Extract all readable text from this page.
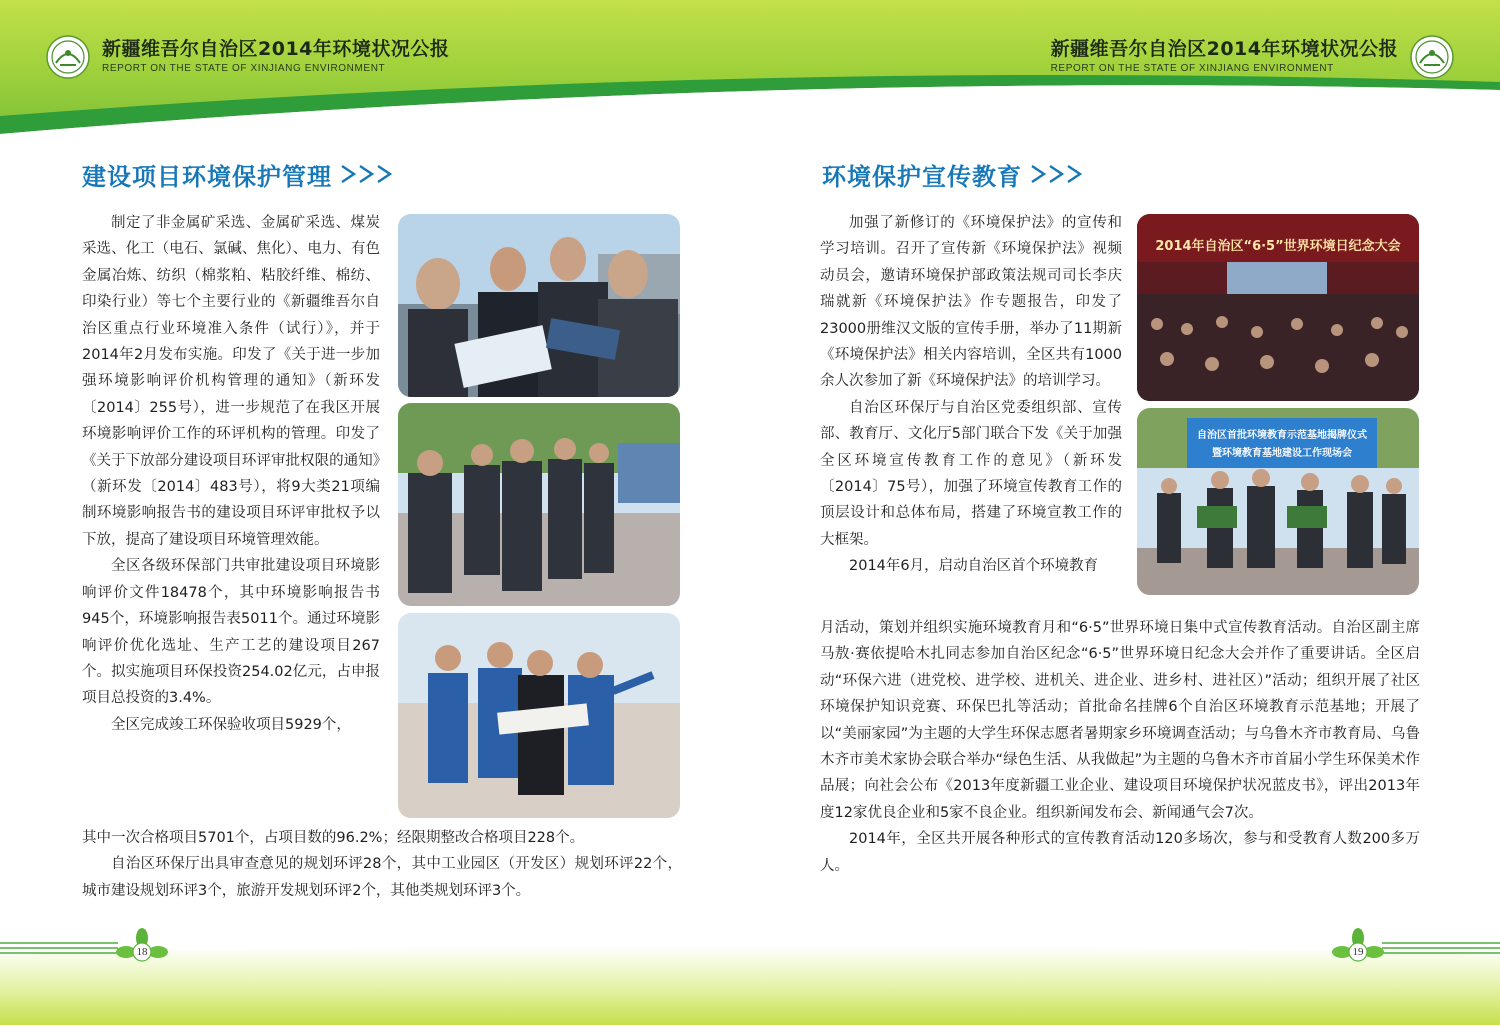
新疆维吾尔自治区2014年环境状况公报
REPORT ON THE STATE OF XINJIANG ENVIRONMENT
新疆维吾尔自治区2014年环境状况公报
REPORT ON THE STATE OF XINJIANG ENVIRONMENT
建设项目环境保护管理

制定了非金属矿采选、金属矿采选、煤炭采选、化工（电石、氯碱、焦化）、电力、有色金属冶炼、纺织（棉浆粕、粘胶纤维、棉纺、印染行业）等七个主要行业的《新疆维吾尔自治区重点行业环境准入条件（试行）》，并于2014年2月发布实施。印发了《关于进一步加强环境影响评价机构管理的通知》（新环发〔2014〕255号），进一步规范了在我区开展环境影响评价工作的环评机构的管理。印发了《关于下放部分建设项目环评审批权限的通知》（新环发〔2014〕483号），将9大类21项编制环境影响报告书的建设项目环评审批权予以下放，提高了建设项目环境管理效能。

全区各级环保部门共审批建设项目环境影响评价文件18478个，其中环境影响报告书945个，环境影响报告表5011个。通过环境影响评价优化选址、生产工艺的建设项目267个。拟实施项目环保投资254.02亿元，占申报项目总投资的3.4%。

全区完成竣工环保验收项目5929个，

其中一次合格项目5701个，占项目数的96.2%；经限期整改合格项目228个。

自治区环保厅出具审查意见的规划环评28个，其中工业园区（开发区）规划环评22个，城市建设规划环评3个，旅游开发规划环评2个，其他类规划环评3个。

环境保护宣传教育

加强了新修订的《环境保护法》的宣传和学习培训。召开了宣传新《环境保护法》视频动员会，邀请环境保护部政策法规司司长李庆瑞就新《环境保护法》作专题报告，印发了23000册维汉文版的宣传手册，举办了11期新《环境保护法》相关内容培训，全区共有1000余人次参加了新《环境保护法》的培训学习。

自治区环保厅与自治区党委组织部、宣传部、教育厅、文化厅5部门联合下发《关于加强全区环境宣传教育工作的意见》（新环发〔2014〕75号），加强了环境宣传教育工作的顶层设计和总体布局，搭建了环境宣教工作的大框架。

2014年6月，启动自治区首个环境教育

月活动，策划并组织实施环境教育月和“6·5”世界环境日集中式宣传教育活动。自治区副主席马敖·赛依提哈木扎同志参加自治区纪念“6·5”世界环境日纪念大会并作了重要讲话。全区启动“环保六进（进党校、进学校、进机关、进企业、进乡村、进社区）”活动；组织开展了社区环境保护知识竞赛、环保巴扎等活动；首批命名挂牌6个自治区环境教育示范基地；开展了以“美丽家园”为主题的大学生环保志愿者暑期家乡环境调查活动；与乌鲁木齐市教育局、乌鲁木齐市美术家协会联合举办“绿色生活、从我做起”为主题的乌鲁木齐市首届小学生环保美术作品展；向社会公布《2013年度新疆工业企业、建设项目环境保护状况蓝皮书》，评出2013年度12家优良企业和5家不良企业。组织新闻发布会、新闻通气会7次。

2014年，全区共开展各种形式的宣传教育活动120多场次，参与和受教育人数200多万人。

2014年自治区“6·5”世界环境日纪念大会
自治区首批环境教育示范基地揭牌仪式
暨环境教育基地建设工作现场会
18	19
